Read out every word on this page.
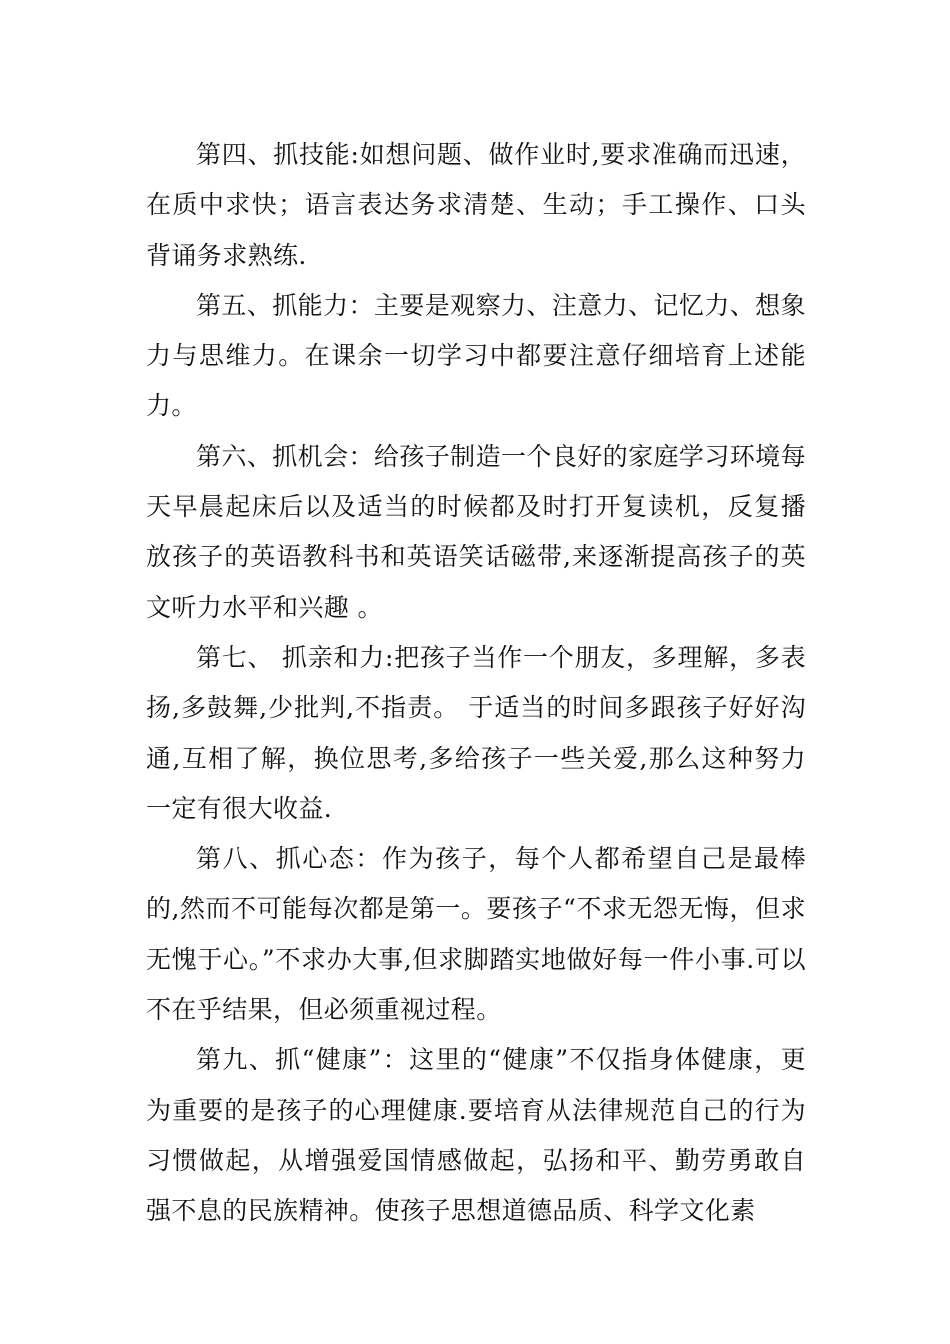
第四、抓技能:如想问题、做作业时,要求准确而迅速，在质中求快；语言表达务求清楚、生动；手工操作、口头背诵务求熟练.

第五、抓能力：主要是观察力、注意力、记忆力、想象力与思维力。在课余一切学习中都要注意仔细培育上述能力。

第六、抓机会：给孩子制造一个良好的家庭学习环境每天早晨起床后以及适当的时候都及时打开复读机，反复播放孩子的英语教科书和英语笑话磁带,来逐渐提高孩子的英文听力水平和兴趣 。

第七、 抓亲和力:把孩子当作一个朋友，多理解，多表扬,多鼓舞,少批判,不指责。 于适当的时间多跟孩子好好沟通,互相了解，换位思考,多给孩子一些关爱,那么这种努力一定有很大收益.

第八、抓心态：作为孩子，每个人都希望自己是最棒的,然而不可能每次都是第一。要孩子“不求无怨无悔，但求无愧于心。”不求办大事,但求脚踏实地做好每一件小事.可以不在乎结果，但必须重视过程。

第九、抓“健康”：这里的“健康”不仅指身体健康，更为重要的是孩子的心理健康.要培育从法律规范自己的行为习惯做起，从增强爱国情感做起，弘扬和平、勤劳勇敢自强不息的民族精神。使孩子思想道德品质、科学文化素
